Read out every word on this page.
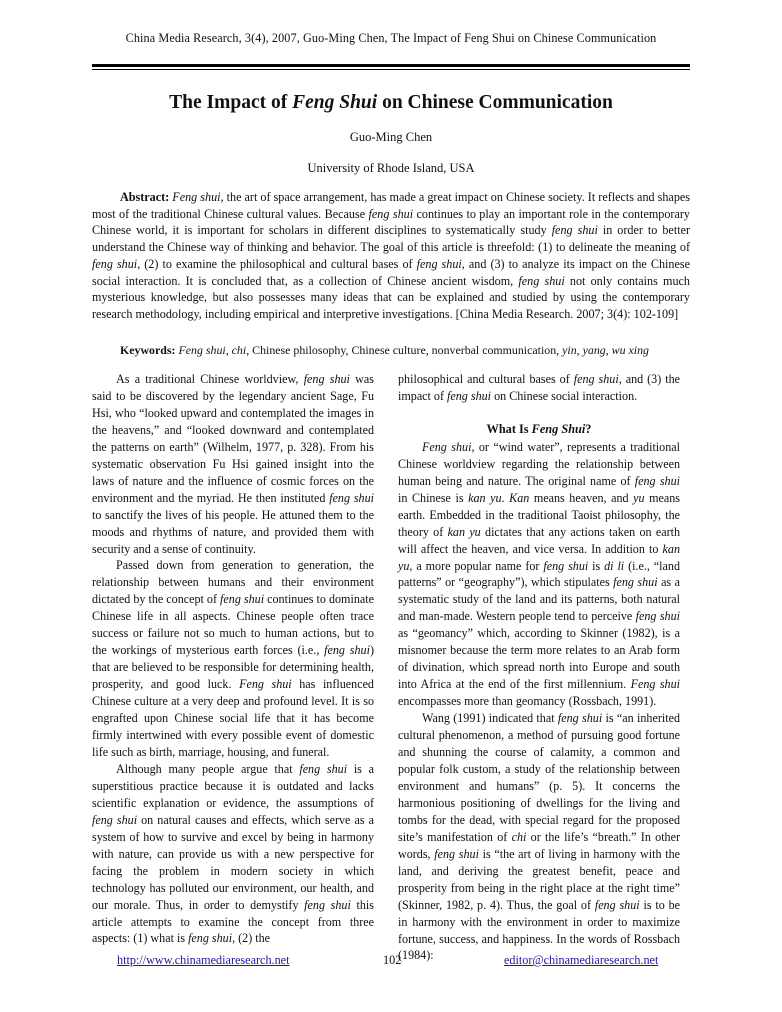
China Media Research, 3(4), 2007, Guo-Ming Chen, The Impact of Feng Shui on Chinese Communication
The Impact of Feng Shui on Chinese Communication
Guo-Ming Chen
University of Rhode Island, USA

Abstract: Feng shui, the art of space arrangement, has made a great impact on Chinese society. It reflects and shapes most of the traditional Chinese cultural values. Because feng shui continues to play an important role in the contemporary Chinese world, it is important for scholars in different disciplines to systematically study feng shui in order to better understand the Chinese way of thinking and behavior. The goal of this article is threefold: (1) to delineate the meaning of feng shui, (2) to examine the philosophical and cultural bases of feng shui, and (3) to analyze its impact on the Chinese social interaction. It is concluded that, as a collection of Chinese ancient wisdom, feng shui not only contains much mysterious knowledge, but also possesses many ideas that can be explained and studied by using the contemporary research methodology, including empirical and interpretive investigations. [China Media Research. 2007; 3(4): 102-109]

Keywords: Feng shui, chi, Chinese philosophy, Chinese culture, nonverbal communication, yin, yang, wu xing

As a traditional Chinese worldview, feng shui was said to be discovered by the legendary ancient Sage, Fu Hsi, who “looked upward and contemplated the images in the heavens,” and “looked downward and contemplated the patterns on earth” (Wilhelm, 1977, p. 328). From his systematic observation Fu Hsi gained insight into the laws of nature and the influence of cosmic forces on the environment and the myriad. He then instituted feng shui to sanctify the lives of his people. He attuned them to the moods and rhythms of nature, and provided them with security and a sense of continuity.

Passed down from generation to generation, the relationship between humans and their environment dictated by the concept of feng shui continues to dominate Chinese life in all aspects. Chinese people often trace success or failure not so much to human actions, but to the workings of mysterious earth forces (i.e., feng shui) that are believed to be responsible for determining health, prosperity, and good luck. Feng shui has influenced Chinese culture at a very deep and profound level. It is so engrafted upon Chinese social life that it has become firmly intertwined with every possible event of domestic life such as birth, marriage, housing, and funeral.

Although many people argue that feng shui is a superstitious practice because it is outdated and lacks scientific explanation or evidence, the assumptions of feng shui on natural causes and effects, which serve as a system of how to survive and excel by being in harmony with nature, can provide us with a new perspective for facing the problem in modern society in which technology has polluted our environment, our health, and our morale. Thus, in order to demystify feng shui this article attempts to examine the concept from three aspects: (1) what is feng shui, (2) the

philosophical and cultural bases of feng shui, and (3) the impact of feng shui on Chinese social interaction.

What Is Feng Shui?

Feng shui, or “wind water”, represents a traditional Chinese worldview regarding the relationship between human being and nature. The original name of feng shui in Chinese is kan yu. Kan means heaven, and yu means earth. Embedded in the traditional Taoist philosophy, the theory of kan yu dictates that any actions taken on earth will affect the heaven, and vice versa. In addition to kan yu, a more popular name for feng shui is di li (i.e., “land patterns” or “geography”), which stipulates feng shui as a systematic study of the land and its patterns, both natural and man-made. Western people tend to perceive feng shui as “geomancy” which, according to Skinner (1982), is a misnomer because the term more relates to an Arab form of divination, which spread north into Europe and south into Africa at the end of the first millennium. Feng shui encompasses more than geomancy (Rossbach, 1991).

Wang (1991) indicated that feng shui is “an inherited cultural phenomenon, a method of pursuing good fortune and shunning the course of calamity, a common and popular folk custom, a study of the relationship between environment and humans” (p. 5). It concerns the harmonious positioning of dwellings for the living and tombs for the dead, with special regard for the proposed site’s manifestation of chi or the life’s “breath.” In other words, feng shui is “the art of living in harmony with the land, and deriving the greatest benefit, peace and prosperity from being in the right place at the right time” (Skinner, 1982, p. 4). Thus, the goal of feng shui is to be in harmony with the environment in order to maximize fortune, success, and happiness. In the words of Rossbach (1984):

http://www.chinamediaresearch.net	102	editor@chinamediaresearch.net
